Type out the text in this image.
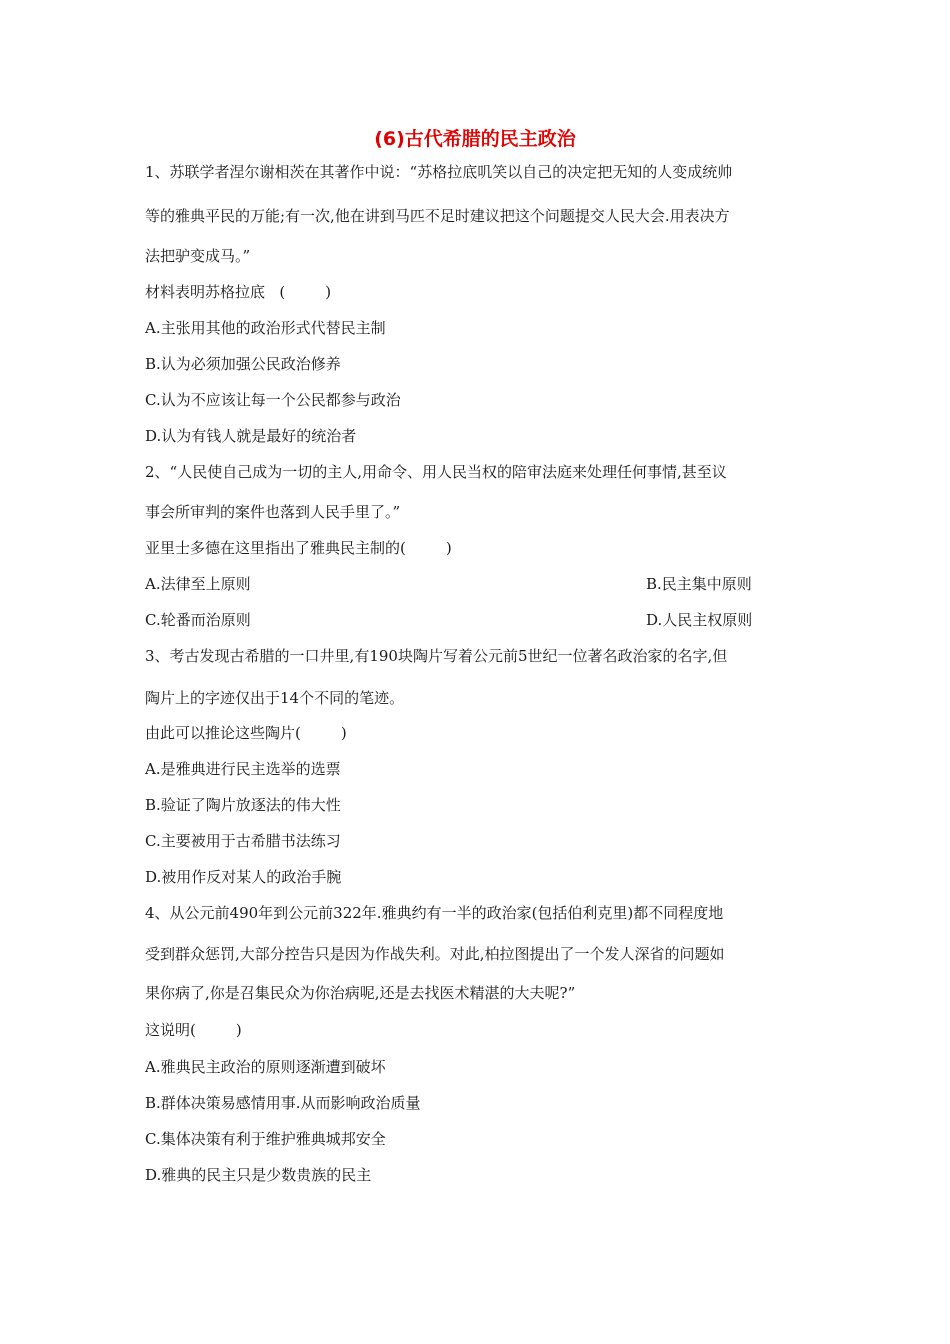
(6)古代希腊的民主政治
1、苏联学者涅尔谢相茨在其著作中说：“苏格拉底叽笑以自己的决定把无知的人变成统帅
等的雅典平民的万能;有一次,他在讲到马匹不足时建议把这个问题提交人民大会.用表决方
法把驴变成马。”
材料表明苏格拉底 (	)
A.主张用其他的政治形式代替民主制
B.认为必须加强公民政治修养
C.认为不应该让每一个公民都参与政治
D.认为有钱人就是最好的统治者
2、“人民使自己成为一切的主人,用命令、用人民当权的陪审法庭来处理任何事情,甚至议
事会所审判的案件也落到人民手里了。”
亚里士多德在这里指出了雅典民主制的(	)
A.法律至上原则	B.民主集中原则
C.轮番而治原则	D.人民主权原则
3、考古发现古希腊的一口井里,有190块陶片写着公元前5世纪一位著名政治家的名字,但
陶片上的字迹仅出于14个不同的笔迹。
由此可以推论这些陶片(	)
A.是雅典进行民主选举的选票
B.验证了陶片放逐法的伟大性
C.主要被用于古希腊书法练习
D.被用作反对某人的政治手腕
4、从公元前490年到公元前322年.雅典约有一半的政治家(包括伯利克里)都不同程度地
受到群众惩罚,大部分控告只是因为作战失利。对此,柏拉图提出了一个发人深省的问题如
果你病了,你是召集民众为你治病呢,还是去找医术精湛的大夫呢?”
这说明(	)
A.雅典民主政治的原则逐渐遭到破坏
B.群体决策易感情用事.从而影响政治质量
C.集体决策有利于维护雅典城邦安全
D.雅典的民主只是少数贵族的民主
